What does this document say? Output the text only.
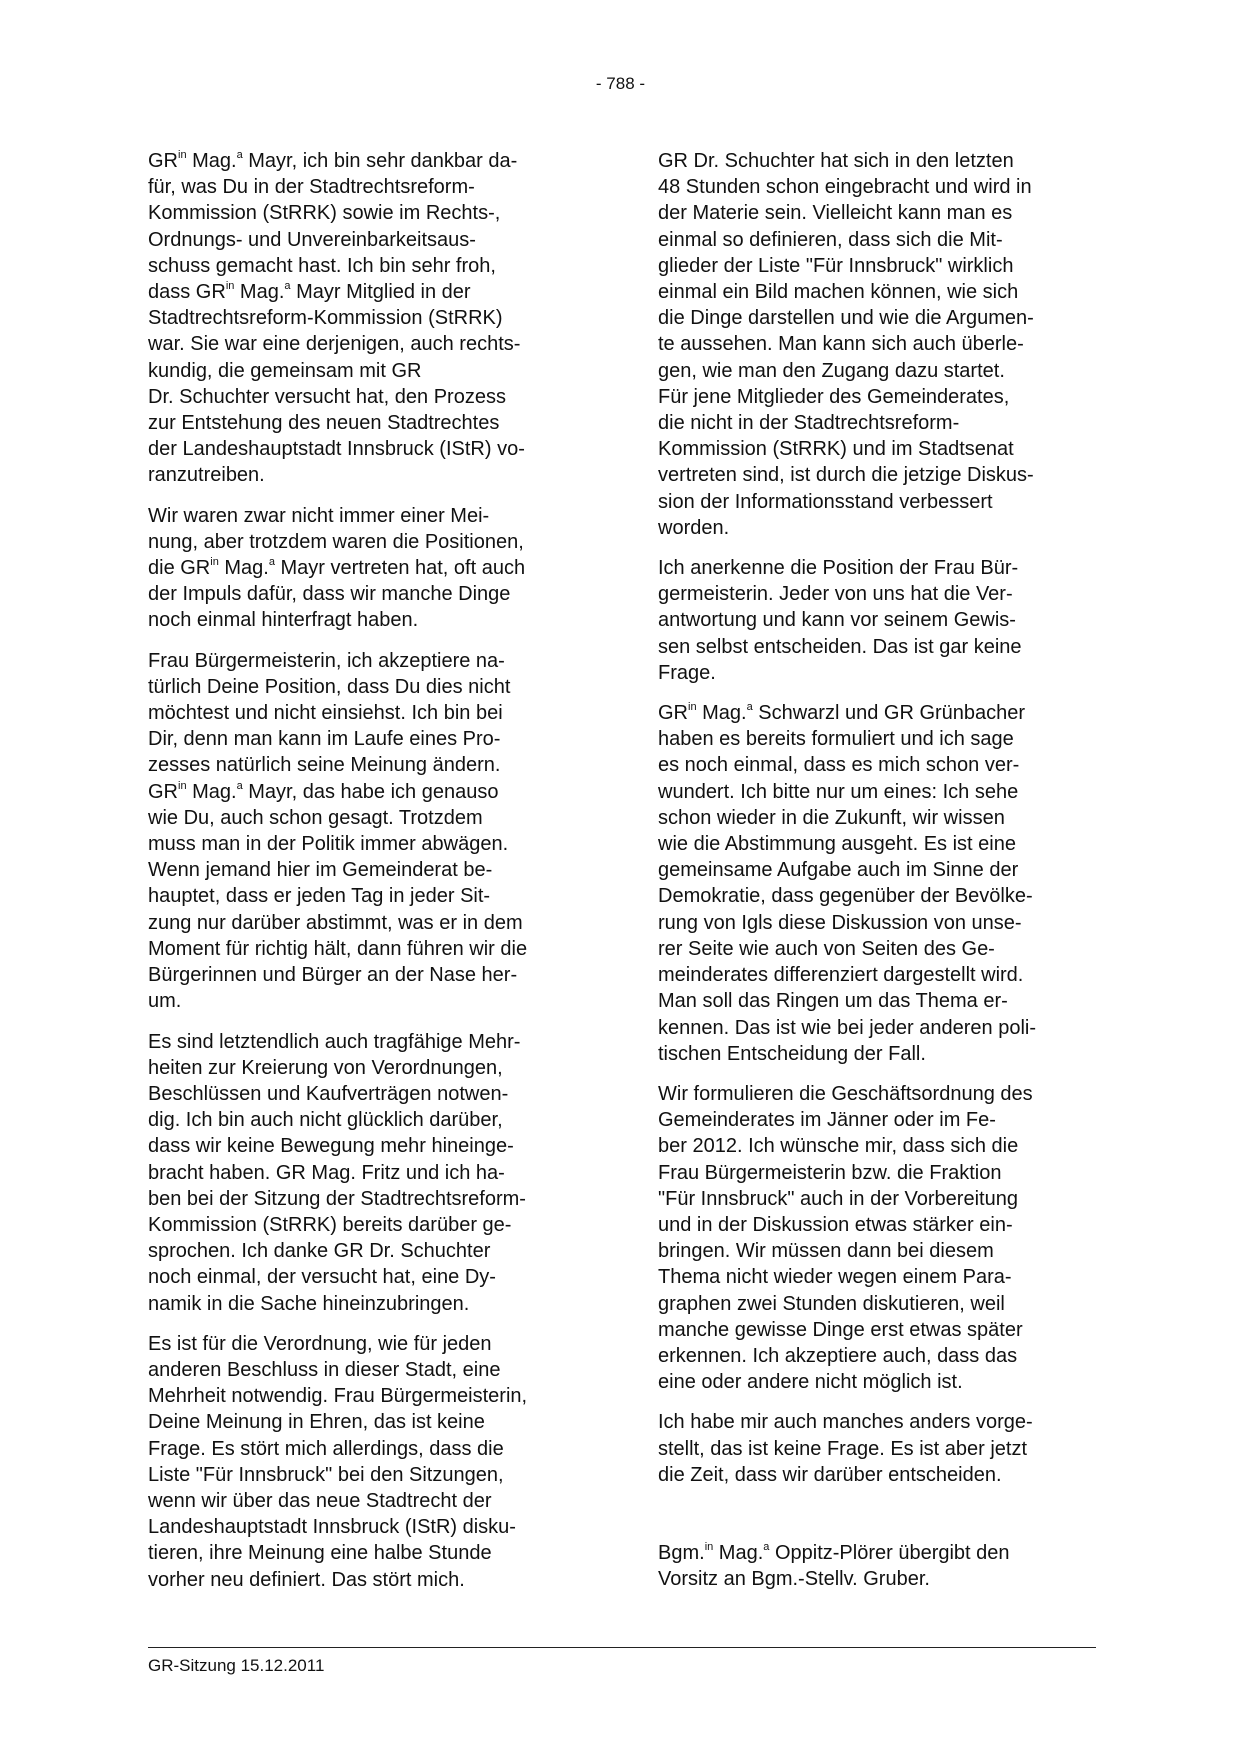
- 788 -
$GR^{in}$ Mag.$^a$ Mayr, ich bin sehr dankbar da-
für, was Du in der Stadtrechtsreform-
Kommission (StRRK) sowie im Rechts-,
Ordnungs- und Unvereinbarkeitsaus-
schuss gemacht hast. Ich bin sehr froh,
dass $GR^{in}$ Mag.$^a$ Mayr Mitglied in der
Stadtrechtsreform-Kommission (StRRK)
war. Sie war eine derjenigen, auch rechts-
kundig, die gemeinsam mit GR
Dr. Schuchter versucht hat, den Prozess
zur Entstehung des neuen Stadtrechtes
der Landeshauptstadt Innsbruck (IStR) vo-
ranzutreiben.
Wir waren zwar nicht immer einer Mei-
nung, aber trotzdem waren die Positionen,
die $GR^{in}$ Mag.$^a$ Mayr vertreten hat, oft auch
der Impuls dafür, dass wir manche Dinge
noch einmal hinterfragt haben.
Frau Bürgermeisterin, ich akzeptiere na-
türlich Deine Position, dass Du dies nicht
möchtest und nicht einsiehst. Ich bin bei
Dir, denn man kann im Laufe eines Pro-
zesses natürlich seine Meinung ändern.
$GR^{in}$ Mag.$^a$ Mayr, das habe ich genauso
wie Du, auch schon gesagt. Trotzdem
muss man in der Politik immer abwägen.
Wenn jemand hier im Gemeinderat be-
hauptet, dass er jeden Tag in jeder Sit-
zung nur darüber abstimmt, was er in dem
Moment für richtig hält, dann führen wir die
Bürgerinnen und Bürger an der Nase her-
um.
Es sind letztendlich auch tragfähige Mehr-
heiten zur Kreierung von Verordnungen,
Beschlüssen und Kaufverträgen notwen-
dig. Ich bin auch nicht glücklich darüber,
dass wir keine Bewegung mehr hineinge-
bracht haben. GR Mag. Fritz und ich ha-
ben bei der Sitzung der Stadtrechtsreform-
Kommission (StRRK) bereits darüber ge-
sprochen. Ich danke GR Dr. Schuchter
noch einmal, der versucht hat, eine Dy-
namik in die Sache hineinzubringen.
Es ist für die Verordnung, wie für jeden
anderen Beschluss in dieser Stadt, eine
Mehrheit notwendig. Frau Bürgermeisterin,
Deine Meinung in Ehren, das ist keine
Frage. Es stört mich allerdings, dass die
Liste "Für Innsbruck" bei den Sitzungen,
wenn wir über das neue Stadtrecht der
Landeshauptstadt Innsbruck (IStR) disku-
tieren, ihre Meinung eine halbe Stunde
vorher neu definiert. Das stört mich.
GR Dr. Schuchter hat sich in den letzten
48 Stunden schon eingebracht und wird in
der Materie sein. Vielleicht kann man es
einmal so definieren, dass sich die Mit-
glieder der Liste "Für Innsbruck" wirklich
einmal ein Bild machen können, wie sich
die Dinge darstellen und wie die Argumen-
te aussehen. Man kann sich auch überle-
gen, wie man den Zugang dazu startet.
Für jene Mitglieder des Gemeinderates,
die nicht in der Stadtrechtsreform-
Kommission (StRRK) und im Stadtsenat
vertreten sind, ist durch die jetzige Diskus-
sion der Informationsstand verbessert
worden.
Ich anerkenne die Position der Frau Bür-
germeisterin. Jeder von uns hat die Ver-
antwortung und kann vor seinem Gewis-
sen selbst entscheiden. Das ist gar keine
Frage.
$GR^{in}$ Mag.$^a$ Schwarzl und GR Grünbacher
haben es bereits formuliert und ich sage
es noch einmal, dass es mich schon ver-
wundert. Ich bitte nur um eines: Ich sehe
schon wieder in die Zukunft, wir wissen
wie die Abstimmung ausgeht. Es ist eine
gemeinsame Aufgabe auch im Sinne der
Demokratie, dass gegenüber der Bevölke-
rung von Igls diese Diskussion von unse-
rer Seite wie auch von Seiten des Ge-
meinderates differenziert dargestellt wird.
Man soll das Ringen um das Thema er-
kennen. Das ist wie bei jeder anderen poli-
tischen Entscheidung der Fall.
Wir formulieren die Geschäftsordnung des
Gemeinderates im Jänner oder im Fe-
ber 2012. Ich wünsche mir, dass sich die
Frau Bürgermeisterin bzw. die Fraktion
"Für Innsbruck" auch in der Vorbereitung
und in der Diskussion etwas stärker ein-
bringen. Wir müssen dann bei diesem
Thema nicht wieder wegen einem Para-
graphen zwei Stunden diskutieren, weil
manche gewisse Dinge erst etwas später
erkennen. Ich akzeptiere auch, dass das
eine oder andere nicht möglich ist.
Ich habe mir auch manches anders vorge-
stellt, das ist keine Frage. Es ist aber jetzt
die Zeit, dass wir darüber entscheiden.
Bgm.$^{in}$ Mag.$^a$ Oppitz-Plörer übergibt den
Vorsitz an Bgm.-Stellv. Gruber.
GR-Sitzung 15.12.2011
